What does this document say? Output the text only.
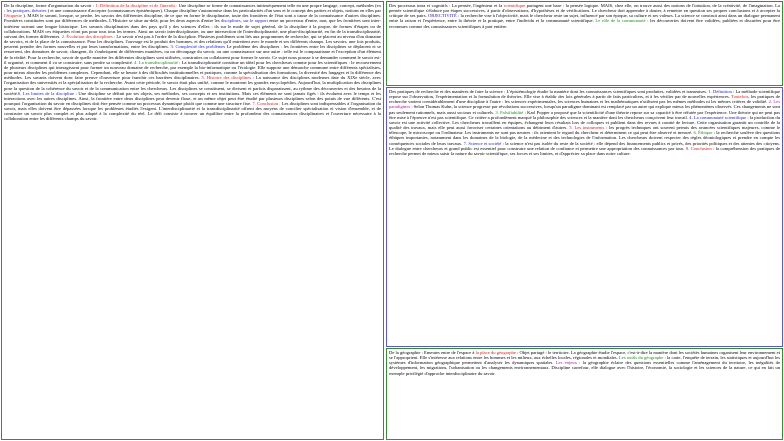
De Ia discipline, forme d'organisation du savoir : 1. Définition de Ia discipline et de l'interdit : Une discipline se forme de connaissances intrinsèquement telle en une propre langage, concept, méthodes (ex : les pratiques, théories ) et une connaissance d'accepter (connaissances épistémiques). Chaque discipline s'autonomise dans les particularités d'un sens et le concept des parties et objets, notions en elles par l'étiquette ). MAIS le savant, lorsque, se perdre, les savoirs des différentes discipline, de ce que en forme le disciplinaire, toute des frontières de l'état sont a cause de la connaissance d'autres disciplines. Frontières constituées sont par différences de méthodes. L'Histoire se situe au-delà, pour les deux aspects d'entre les disciplines, sur le rapport entre un processus d'entre, non, que les frontières sont inter-intérieur suivant une longue historique. Les savants disciplinaires dans des pays qu'il y des sciences d'elles : ils sur le mode de sujet général, de la discipline à la propre, de formes d'étapes ou de collaborations. MAIS ces étiquettes n'ont pas pour tous tous les termes. Ainsi un savoir interdisciplinaire, ou une intersection de l'interdisciplinarité, une pluri-disciplinarité, en fin de la transdisciplinarité, suivant des formes différentes. 2. Évolution des disciplines : Le savoir n'est pas à l'ordre de la discipline. Plusieurs problèmes sont liés aux programmes de recherche, qui se placent au niveau d'un domaine de savoirs, et de la place de la connaissance. Pour les disciplines, l'ouvrage est le produit des hommes, et des relations qu'il entretient avec le monde et ses différents champs. Les savoirs, une fois produits, peuvent prendre des formes nouvelles et par leurs transformations, entre les disciplines. 3. Complexité des problèmes Le problème des disciplines : les frontières entre les disciplines se déplacent et se resserrent, des domaines de savoir, changent, ils s'imbriquent de différentes manières, ou un découpage du savoir, ou une connaissance sur une autre : telle est le comparatisme et l'exception d'un élément de la réalité. Pour la recherche, savoir de quelle manière les différentes disciplines sont utilisées, construites ou collaborent pour former le savoir. Ce sujet nous pousse à se demander comment le savoir est-il organisé, et comment il va se construire, sans perdre sa complexité. 4. La transdisciplinarité : La transdisciplinarité constitue un idéal pour les chercheurs comme pour les scientifiques : le recouvrement de plusieurs disciplines qui interagissent pour former un nouveau domaine de recherche, par exemple la bio-informatique ou l'écologie. Elle suppose une démarche commune entre différents spécialistes, pour mieux aborder les problèmes complexes. Cependant, elle se heurte à des difficultés institutionnelles et pratiques, comme la spécialisation des formations, la diversité des langages et la différence des méthodes. Les savants doivent donc faire preuve d'ouverture pour franchir ces barrières disciplinaires. 5. Histoire des disciplines : La naissance des disciplines modernes date du XIXe siècle, avec l'organisation des universités et la spécialisation de la recherche. Avant cette période, le savoir était plus unifié, comme le montrent les grandes encyclopédies. Aujourd'hui, la multiplication des disciplines pose la question de la cohérence du savoir et de la communication entre les chercheurs. Les disciplines se constituent, se divisent et parfois disparaissent, au rythme des découvertes et des besoins de la société.6. Les limites de la discipline : Une discipline se définit par ses objets, ses méthodes, ses concepts et ses institutions. Mais ces éléments ne sont jamais figés : ils évoluent avec le temps et les interactions avec les autres disciplines. Ainsi, la frontière entre deux disciplines peut devenir floue, et un même objet peut être étudié par plusieurs disciplines selon des points de vue différents. C'est pourquoi l'organisation du savoir en disciplines doit être pensée comme un processus dynamique plutôt que comme une structure fixe. 7. Conclusion : Les disciplines sont indispensables à l'organisation du savoir, mais elles doivent être dépassées lorsque les problèmes étudiés l'exigent. L'interdisciplinarité et la transdisciplinarité offrent des moyens de concilier spécialisation et vision d'ensemble, et de construire un savoir plus complet et plus adapté à la complexité du réel. Le défi consiste à trouver un équilibre entre la profondeur des connaissances disciplinaires et l'ouverture nécessaire à la collaboration entre les différents champs du savoir.
Des processus intra et cognitifs : La pensée, l'ingénieur et la scientifique partagent une base : la pensée logique. MAIS, chez elle, on trouve aussi des notions de l'intuition, de la créativité, de l'imagination. La pensée scientifique s'élabore par étapes successives, à partir d'observations, d'hypothèses et de vérifications. Le chercheur doit apprendre à douter, à remettre en question ses propres conclusions et à accepter la critique de ses pairs. OBJECTIVITÉ : la recherche vise à l'objectivité, mais le chercheur reste un sujet, influencé par son époque, sa culture et ses valeurs. La science se construit ainsi dans un dialogue permanent entre la raison et l'expérience, entre la théorie et la pratique, entre l'individu et la communauté scientifique. Le rôle de la communauté : les découvertes doivent être validées, publiées et discutées pour être reconnues comme des connaissances scientifiques à part entière.
Des pratiques de recherche et des manières de faire la science : L'épistémologie étudie la manière dont les connaissances scientifiques sont produites, validées et transmises. 1. Définition : La méthode scientifique repose sur l'observation, l'expérimentation et la formulation de théories. Elle vise à établir des lois générales à partir de faits particuliers, et à les vérifier par de nouvelles expériences. Toutefois, les pratiques de recherche varient considérablement d'une discipline à l'autre : les sciences expérimentales, les sciences humaines et les mathématiques n'utilisent pas les mêmes méthodes ni les mêmes critères de validité. 2. Les paradigmes : Selon Thomas Kuhn, la science progresse par révolutions successives, lorsqu'un paradigme dominant est remplacé par un autre qui explique mieux les phénomènes observés. Ces changements ne sont pas seulement rationnels, mais aussi sociaux et culturels. 3. Falsifiabilité : Karl Popper a proposé que la scientificité d'une théorie repose sur sa capacité à être réfutée par l'expérience. Une théorie qui ne peut pas être mise à l'épreuve n'est pas scientifique. Ce critère a profondément marqué la philosophie des sciences et la manière dont les chercheurs conçoivent leur travail. 4. La communauté scientifique : la production du savoir est une activité collective. Les chercheurs travaillent en équipes, échangent leurs résultats lors de colloques et publient dans des revues à comité de lecture. Cette organisation garantit un contrôle de la qualité des travaux, mais elle peut aussi favoriser certaines orientations au détriment d'autres. 5. Les instruments : les progrès techniques ont souvent permis des avancées scientifiques majeures, comme le télescope, le microscope ou l'ordinateur. Les instruments ne sont pas neutres : ils orientent le regard du chercheur et déterminent ce qui peut être observé et mesuré. 6. Éthique : la recherche soulève des questions éthiques importantes, notamment dans les domaines de la biologie, de la médecine et des technologies de l'information. Les chercheurs doivent respecter des règles déontologiques et prendre en compte les conséquences sociales de leurs travaux. 7. Science et société : la science n'est pas isolée du reste de la société : elle dépend des financements publics et privés, des priorités politiques et des attentes des citoyens. Le dialogue entre chercheurs et grand public est essentiel pour construire une relation de confiance et permettre une appropriation des connaissances par tous. 8. Conclusion : la compréhension des pratiques de recherche permet de mieux saisir la nature du savoir scientifique, ses forces et ses limites, et d'apprécier sa place dans notre culture.
De la géographie : Emeutes entre de l'espace à la place du géographe : Objet partagé : le territoire. La géographie étudie l'espace, c'est-à-dire la manière dont les sociétés humaines organisent leur environnement et se l'approprient. Elle s'intéresse aux relations entre les hommes et les milieux, aux échelles locales, régionales et mondiales. Les outils du géographe : la carte, l'enquête de terrain, les statistiques et aujourd'hui les systèmes d'information géographique permettent d'analyser les dynamiques spatiales. Les enjeux : la géographie éclaire des questions essentielles comme l'aménagement du territoire, les inégalités de développement, les migrations, l'urbanisation ou les changements environnementaux. Discipline carrefour, elle dialogue avec l'histoire, l'économie, la sociologie et les sciences de la nature, ce qui en fait un exemple privilégié d'approche interdisciplinaire du savoir.
